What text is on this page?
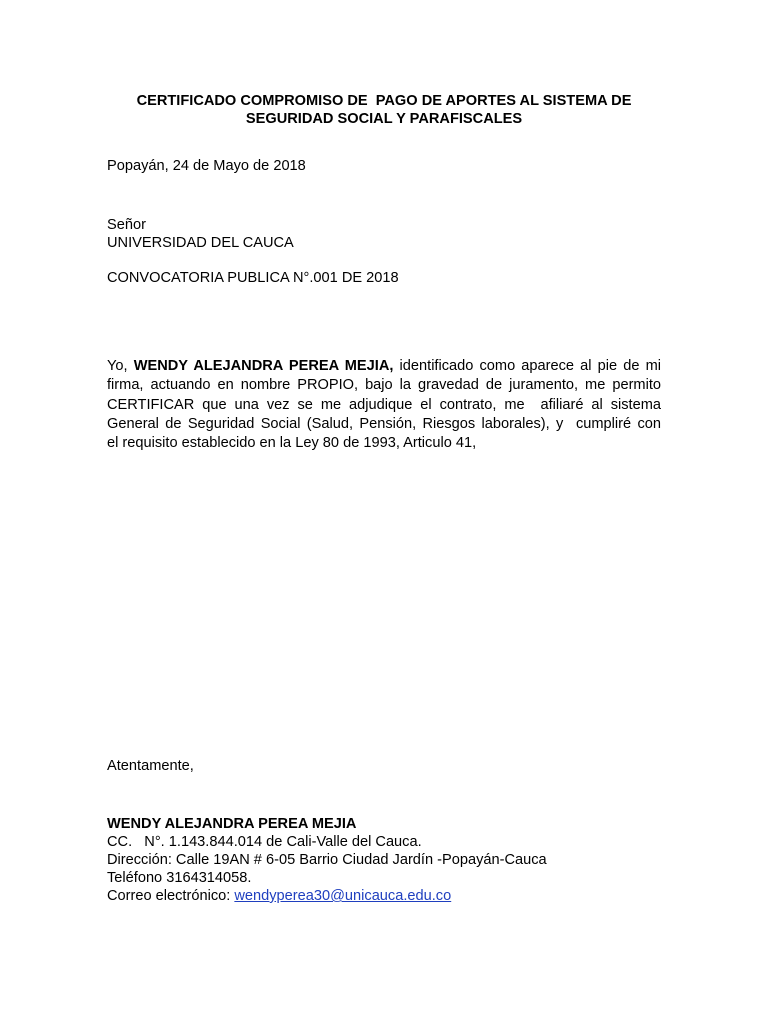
CERTIFICADO COMPROMISO DE  PAGO DE APORTES AL SISTEMA DE
SEGURIDAD SOCIAL Y PARAFISCALES
Popayán, 24 de Mayo de 2018
Señor
UNIVERSIDAD DEL CAUCA
CONVOCATORIA PUBLICA N°.001 DE 2018
Yo, WENDY ALEJANDRA PEREA MEJIA, identificado como aparece al pie de mi
firma, actuando en nombre PROPIO, bajo la gravedad de juramento, me permito
CERTIFICAR que una vez se me adjudique el contrato, me  afiliaré al sistema
General de Seguridad Social (Salud, Pensión, Riesgos laborales), y  cumpliré con
el requisito establecido en la Ley 80 de 1993, Articulo 41,
Atentamente,
WENDY ALEJANDRA PEREA MEJIA
CC.   N°. 1.143.844.014 de Cali-Valle del Cauca.
Dirección: Calle 19AN # 6-05 Barrio Ciudad Jardín -Popayán-Cauca
Teléfono 3164314058.
Correo electrónico: wendyperea30@unicauca.edu.co
